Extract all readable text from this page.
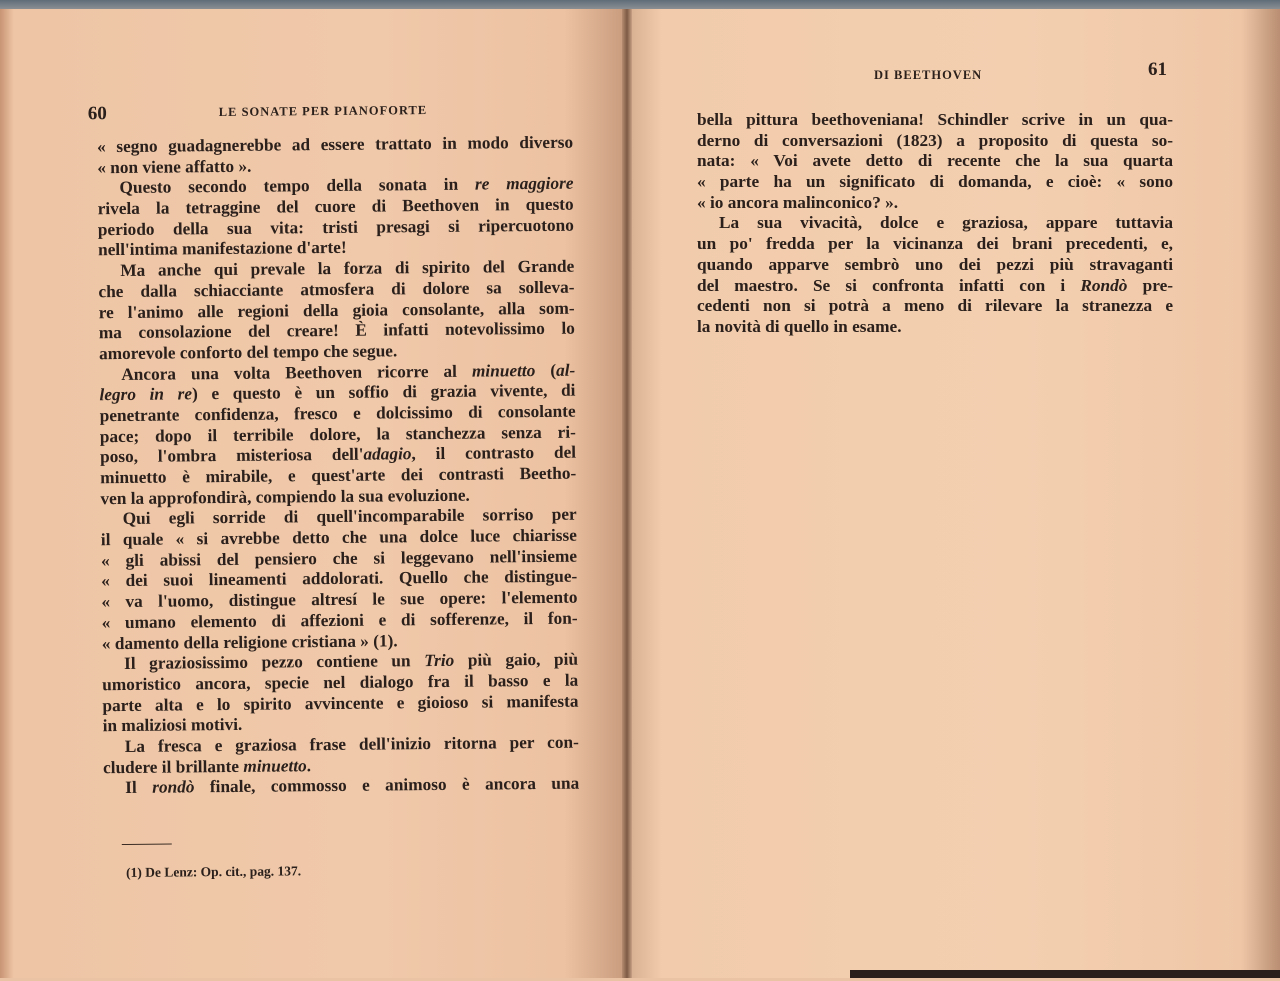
60	LE SONATE PER PIANOFORTE
« segno guadagnerebbe ad essere trattato in modo diverso
« non viene affatto ».
Questo secondo tempo della sonata in re maggiore
rivela la tetraggine del cuore di Beethoven in questo
periodo della sua vita: tristi presagi si ripercuotono
nell'intima manifestazione d'arte!
Ma anche qui prevale la forza di spirito del Grande
che dalla schiacciante atmosfera di dolore sa solleva-
re l'animo alle regioni della gioia consolante, alla som-
ma consolazione del creare! È infatti notevolissimo lo
amorevole conforto del tempo che segue.
Ancora una volta Beethoven ricorre al minuetto (al-
legro in re) e questo è un soffio di grazia vivente, di
penetrante confidenza, fresco e dolcissimo di consolante
pace; dopo il terribile dolore, la stanchezza senza ri-
poso, l'ombra misteriosa dell'adagio, il contrasto del
minuetto è mirabile, e quest'arte dei contrasti Beetho-
ven la approfondirà, compiendo la sua evoluzione.
Qui egli sorride di quell'incomparabile sorriso per
il quale « si avrebbe detto che una dolce luce chiarisse
« gli abissi del pensiero che si leggevano nell'insieme
« dei suoi lineamenti addolorati. Quello che distingue-
« va l'uomo, distingue altresí le sue opere: l'elemento
« umano elemento di affezioni e di sofferenze, il fon-
« damento della religione cristiana » (1).
Il graziosissimo pezzo contiene un Trio più gaio, più
umoristico ancora, specie nel dialogo fra il basso e la
parte alta e lo spirito avvincente e gioioso si manifesta
in maliziosi motivi.
La fresca e graziosa frase dell'inizio ritorna per con-
cludere il brillante minuetto.
Il rondò finale, commosso e animoso è ancora una
(1) De Lenz: Op. cit., pag. 137.
61
DI BEETHOVEN
bella pittura beethoveniana! Schindler scrive in un qua-
derno di conversazioni (1823) a proposito di questa so-
nata: « Voi avete detto di recente che la sua quarta
« parte ha un significato di domanda, e cioè: « sono
« io ancora malinconico? ».
La sua vivacità, dolce e graziosa, appare tuttavia
un po' fredda per la vicinanza dei brani precedenti, e,
quando apparve sembrò uno dei pezzi più stravaganti
del maestro. Se si confronta infatti con i Rondò pre-
cedenti non si potrà a meno di rilevare la stranezza e
la novità di quello in esame.
